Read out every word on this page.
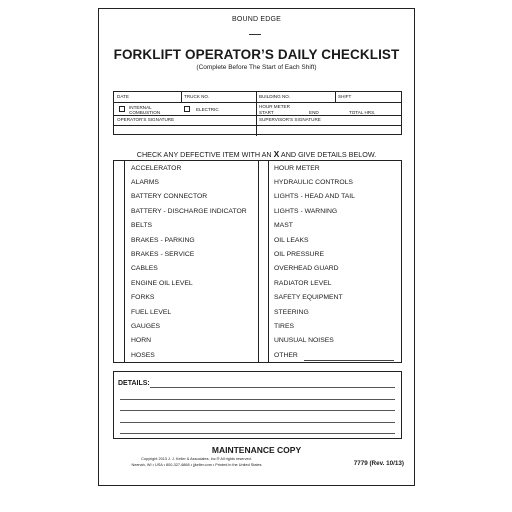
BOUND EDGE
FORKLIFT OPERATOR’S DAILY CHECKLIST
(Complete Before The Start of Each Shift)
DATE	TRUCK NO.	BUILDING NO.	SHIFT
INTERNAL COMBUSTION
ELECTRIC
HOUR METER
START	END	TOTAL HRS.
OPERATOR’S SIGNATURE	SUPERVISOR’S SIGNATURE
CHECK ANY DEFECTIVE ITEM WITH AN X AND GIVE DETAILS BELOW.
ACCELERATOR
ALARMS
BATTERY CONNECTOR
BATTERY - DISCHARGE INDICATOR
BELTS
BRAKES - PARKING
BRAKES - SERVICE
CABLES
ENGINE OIL LEVEL
FORKS
FUEL LEVEL
GAUGES
HORN
HOSES
HOUR METER
HYDRAULIC CONTROLS
LIGHTS - HEAD AND TAIL
LIGHTS - WARNING
MAST
OIL LEAKS
OIL PRESSURE
OVERHEAD GUARD
RADIATOR LEVEL
SAFETY EQUIPMENT
STEERING
TIRES
UNUSUAL NOISES
OTHER
DETAILS:
MAINTENANCE COPY
Copyright 2013 J. J. Keller & Associates, Inc.® All rights reserved.
Neenah, WI • USA • 800-327-6868 • jjkeller.com • Printed in the United States	7779 (Rev. 10/13)
